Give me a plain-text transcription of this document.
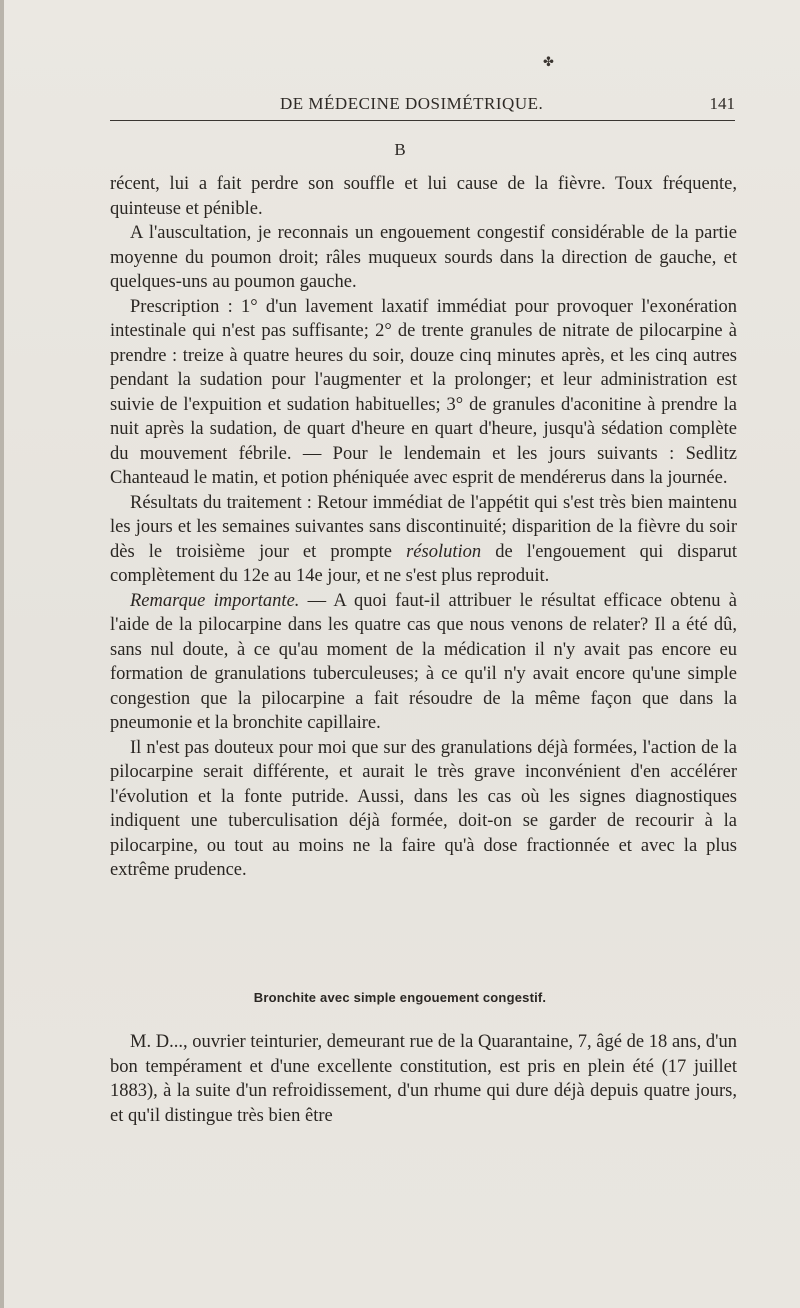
✤
DE MÉDECINE DOSIMÉTRIQUE.	141
B

récent, lui a fait perdre son souffle et lui cause de la fièvre. Toux fréquente, quinteuse et pénible.

A l'auscultation, je reconnais un engouement congestif considérable de la partie moyenne du poumon droit; râles muqueux sourds dans la direction de gauche, et quelques-uns au poumon gauche.

Prescription : 1° d'un lavement laxatif immédiat pour provoquer l'exonération intestinale qui n'est pas suffisante; 2° de trente granules de nitrate de pilocarpine à prendre : treize à quatre heures du soir, douze cinq minutes après, et les cinq autres pendant la sudation pour l'augmenter et la prolonger; et leur administration est suivie de l'expuition et sudation habituelles; 3° de granules d'aconitine à prendre la nuit après la sudation, de quart d'heure en quart d'heure, jusqu'à sédation complète du mouvement fébrile. — Pour le lendemain et les jours suivants : Sedlitz Chanteaud le matin, et potion phéniquée avec esprit de mendérerus dans la journée.

Résultats du traitement : Retour immédiat de l'appétit qui s'est très bien maintenu les jours et les semaines suivantes sans discontinuité; disparition de la fièvre du soir dès le troisième jour et prompte résolution de l'engouement qui disparut complètement du 12e au 14e jour, et ne s'est plus reproduit.

Remarque importante. — A quoi faut-il attribuer le résultat efficace obtenu à l'aide de la pilocarpine dans les quatre cas que nous venons de relater? Il a été dû, sans nul doute, à ce qu'au moment de la médication il n'y avait pas encore eu formation de granulations tuberculeuses; à ce qu'il n'y avait encore qu'une simple congestion que la pilocarpine a fait résoudre de la même façon que dans la pneumonie et la bronchite capillaire.

Il n'est pas douteux pour moi que sur des granulations déjà formées, l'action de la pilocarpine serait différente, et aurait le très grave inconvénient d'en accélérer l'évolution et la fonte putride. Aussi, dans les cas où les signes diagnostiques indiquent une tuberculisation déjà formée, doit-on se garder de recourir à la pilocarpine, ou tout au moins ne la faire qu'à dose fractionnée et avec la plus extrême prudence.

Bronchite avec simple engouement congestif.

M. D..., ouvrier teinturier, demeurant rue de la Quarantaine, 7, âgé de 18 ans, d'un bon tempérament et d'une excellente constitution, est pris en plein été (17 juillet 1883), à la suite d'un refroidissement, d'un rhume qui dure déjà depuis quatre jours, et qu'il distingue très bien être
